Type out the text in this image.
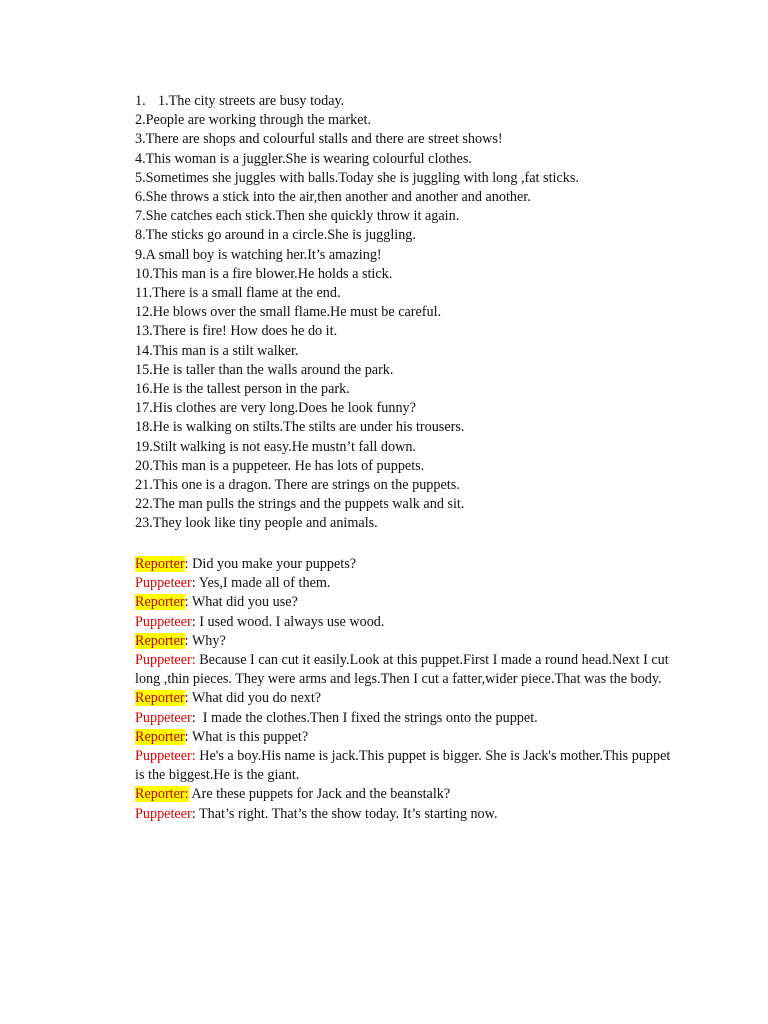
1. 1.The city streets are busy today.
2.People are working through the market.
3.There are shops and colourful stalls and there are street shows!
4.This woman is a juggler.She is wearing colourful clothes.
5.Sometimes she juggles with balls.Today she is juggling with long ,fat sticks.
6.She throws a stick into the air,then another and another and another.
7.She catches each stick.Then she quickly throw it again.
8.The sticks go around in a circle.She is juggling.
9.A small boy is watching her.It’s amazing!
10.This man is a fire blower.He holds a stick.
11.There is a small flame at the end.
12.He blows over the small flame.He must be careful.
13.There is fire! How does he do it.
14.This man is a stilt walker.
15.He is taller than the walls around the park.
16.He is the tallest person in the park.
17.His clothes are very long.Does he look funny?
18.He is walking on stilts.The stilts are under his trousers.
19.Stilt walking is not easy.He mustn’t fall down.
20.This man is a puppeteer. He has lots of puppets.
21.This one is a dragon. There are strings on the puppets.
22.The man pulls the strings and the puppets walk and sit.
23.They look like tiny people and animals.
Reporter: Did you make your puppets?
Puppeteer: Yes,I made all of them.
Reporter: What did you use?
Puppeteer: I used wood. I always use wood.
Reporter: Why?
Puppeteer: Because I can cut it easily.Look at this puppet.First I made a round head.Next I cut long ,thin pieces. They were arms and legs.Then I cut a fatter,wider piece.That was the body.
Reporter: What did you do next?
Puppeteer:  I made the clothes.Then I fixed the strings onto the puppet.
Reporter: What is this puppet?
Puppeteer: He's a boy.His name is jack.This puppet is bigger. She is Jack's mother.This puppet is the biggest.He is the giant.
Reporter: Are these puppets for Jack and the beanstalk?
Puppeteer: That’s right. That’s the show today. It’s starting now.
